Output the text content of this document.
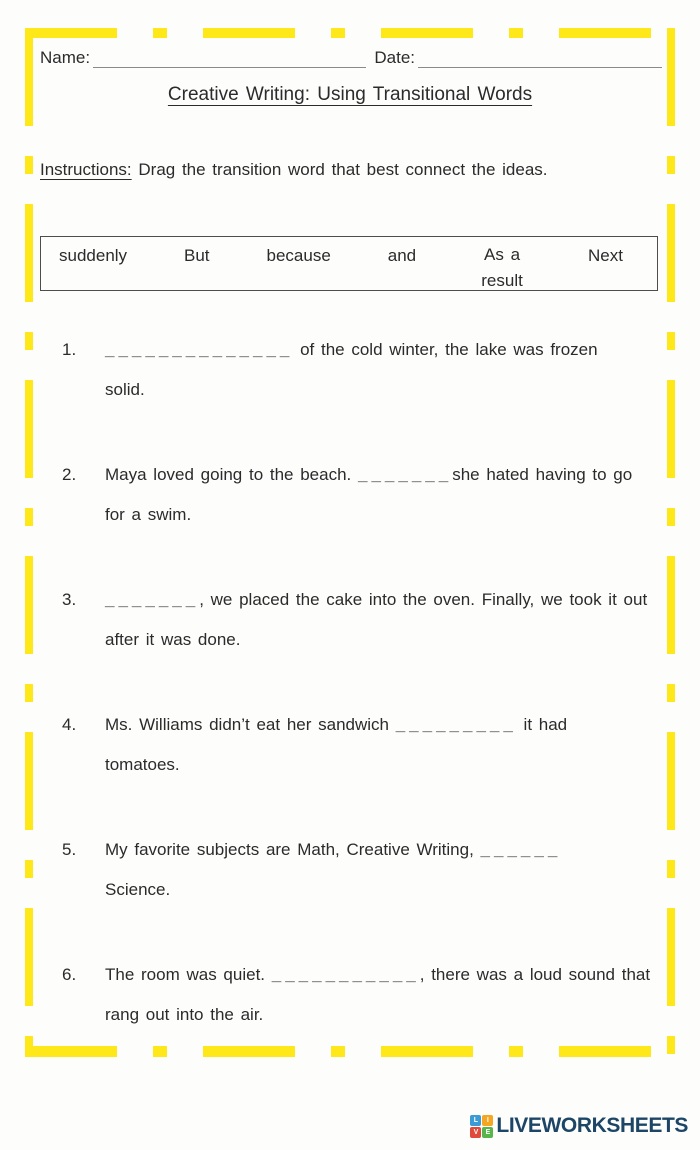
Name:	Date:
Creative Writing: Using Transitional Words

Instructions: Drag the transition word that best connect the ideas.

suddenly	But	because	and	As a result
Next
1.	______________ of the cold winter, the lake was frozen
solid.
2.	Maya loved going to the beach. _______she hated having to go
for a swim.
3.	_______, we placed the cake into the oven. Finally, we took it out
after it was done.
4.	Ms. Williams didn’t eat her sandwich _________ it had
tomatoes.
5.	My favorite subjects are Math, Creative Writing, ______
Science.
6.	The room was quiet. ___________, there was a loud sound that
rang out into the air.
L	I
V	E LIVEWORKSHEETS
